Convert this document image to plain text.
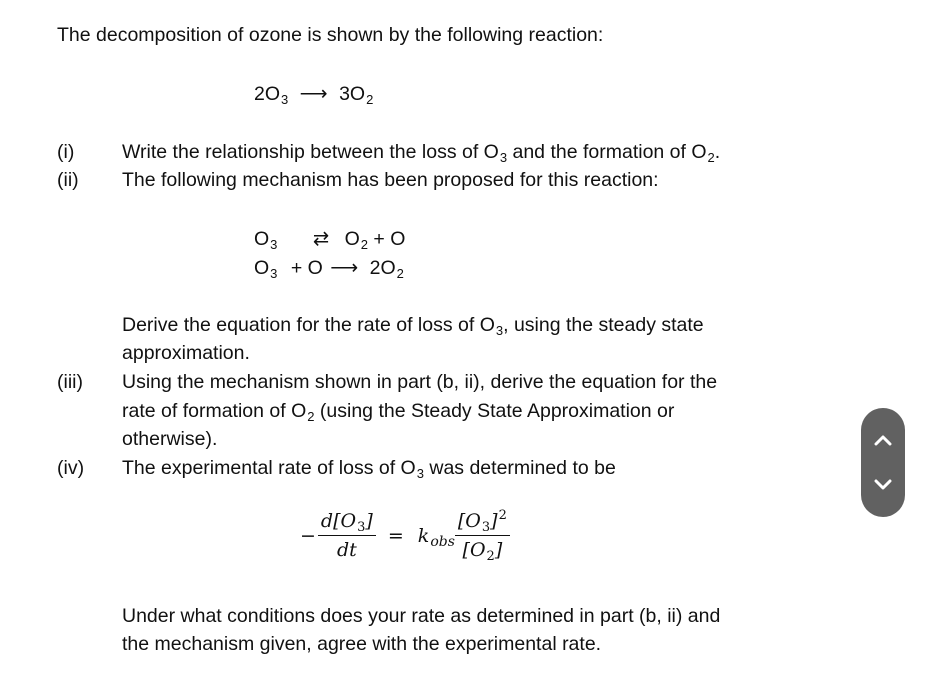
The decomposition of ozone is shown by the following reaction:
$2O_3$ ⟶ $3O_2$
(i) Write the relationship between the loss of $O_3$ and the formation of $O_2$.
(ii) The following mechanism has been proposed for this reaction:
$O_3$ ⇄ $O_2 + O$
$O_3 + O$ ⟶ $2O_2$
Derive the equation for the rate of loss of $O_3$, using the steady state
approximation.
(iii) Using the mechanism shown in part (b, ii), derive the equation for the
rate of formation of $O_2$ (using the Steady State Approximation or
otherwise).
(iv) The experimental rate of loss of $O_3$ was determined to be
− $\frac{d[O_3]}{dt} = k_{obs} \frac{[O_3]^2}{[O_2]}$
Under what conditions does your rate as determined in part (b, ii) and
the mechanism given, agree with the experimental rate.
